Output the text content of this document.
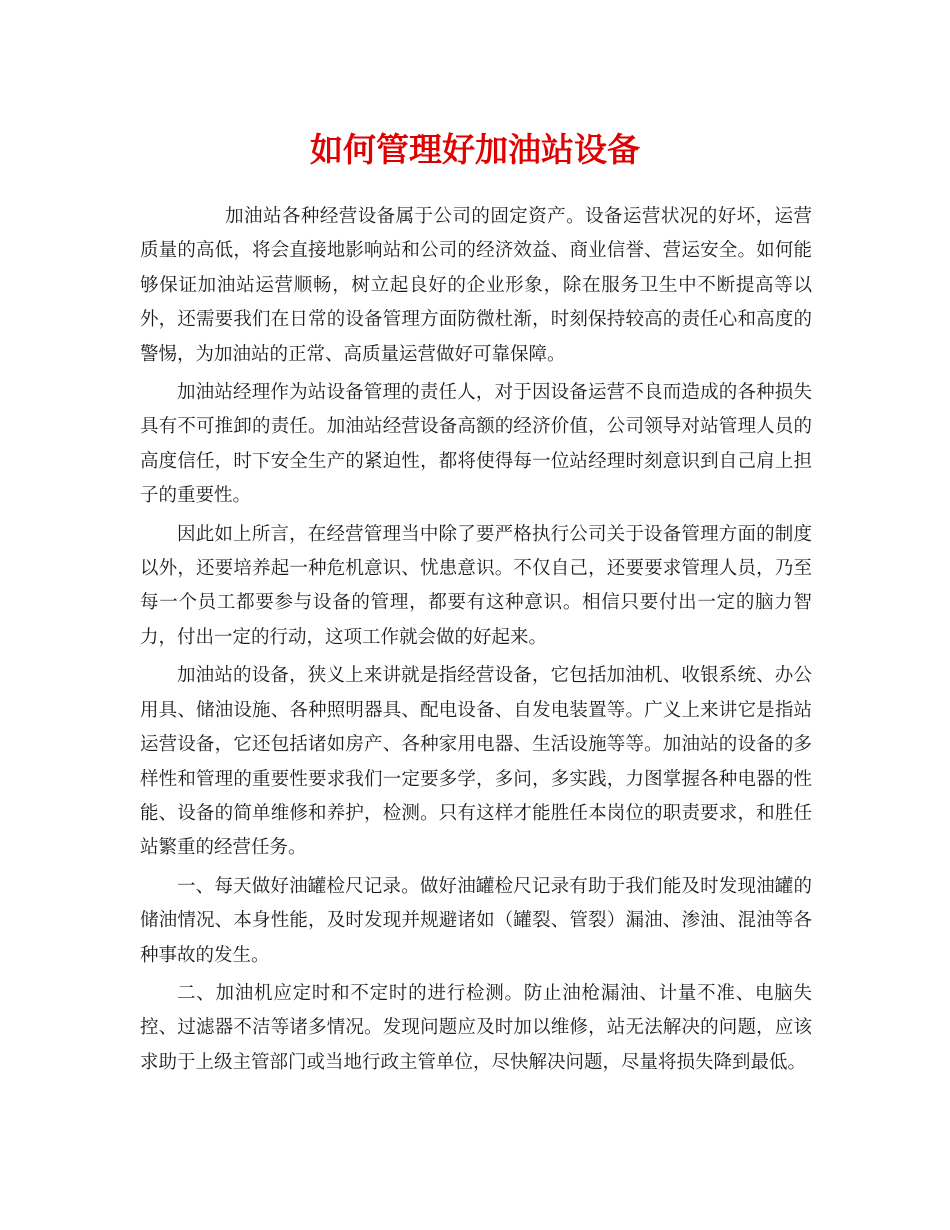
如何管理好加油站设备

加油站各种经营设备属于公司的固定资产。设备运营状况的好坏，运营质量的高低，将会直接地影响站和公司的经济效益、商业信誉、营运安全。如何能够保证加油站运营顺畅，树立起良好的企业形象，除在服务卫生中不断提高等以外，还需要我们在日常的设备管理方面防微杜渐，时刻保持较高的责任心和高度的警惕，为加油站的正常、高质量运营做好可靠保障。

加油站经理作为站设备管理的责任人，对于因设备运营不良而造成的各种损失具有不可推卸的责任。加油站经营设备高额的经济价值，公司领导对站管理人员的高度信任，时下安全生产的紧迫性，都将使得每一位站经理时刻意识到自己肩上担子的重要性。

因此如上所言，在经营管理当中除了要严格执行公司关于设备管理方面的制度以外，还要培养起一种危机意识、忧患意识。不仅自己，还要要求管理人员，乃至每一个员工都要参与设备的管理，都要有这种意识。相信只要付出一定的脑力智力，付出一定的行动，这项工作就会做的好起来。

加油站的设备，狭义上来讲就是指经营设备，它包括加油机、收银系统、办公用具、储油设施、各种照明器具、配电设备、自发电装置等。广义上来讲它是指站运营设备，它还包括诸如房产、各种家用电器、生活设施等等。加油站的设备的多样性和管理的重要性要求我们一定要多学，多问，多实践，力图掌握各种电器的性能、设备的简单维修和养护，检测。只有这样才能胜任本岗位的职责要求，和胜任站繁重的经营任务。

一、每天做好油罐检尺记录。做好油罐检尺记录有助于我们能及时发现油罐的储油情况、本身性能，及时发现并规避诸如（罐裂、管裂）漏油、渗油、混油等各种事故的发生。

二、加油机应定时和不定时的进行检测。防止油枪漏油、计量不准、电脑失控、过滤器不洁等诸多情况。发现问题应及时加以维修，站无法解决的问题，应该求助于上级主管部门或当地行政主管单位，尽快解决问题，尽量将损失降到最低。
